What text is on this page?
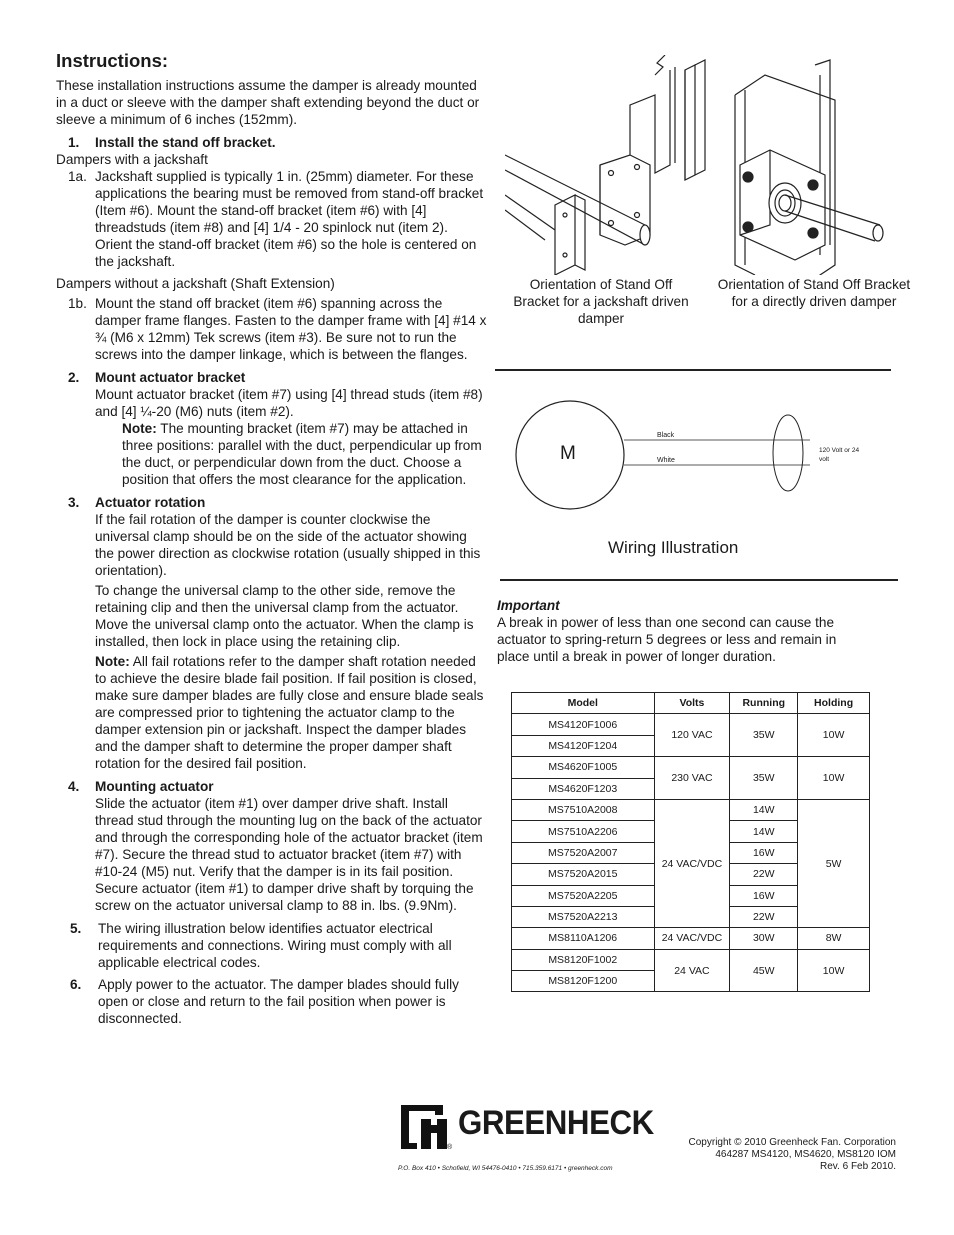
Instructions:

These installation instructions assume the damper is already mounted in a duct or sleeve with the damper shaft extending beyond the duct or sleeve a minimum of 6 inches (152mm).

1. Install the stand off bracket.

Dampers with a jackshaft

1a. Jackshaft supplied is typically 1 in. (25mm) diameter. For these applications the bearing must be removed from stand-off bracket (Item #6). Mount the stand-off bracket (item #6) with [4] threadstuds (item #8) and [4] 1/4 - 20 spinlock nut (item 2). Orient the stand-off bracket (item #6) so the hole is centered on the jackshaft.

Dampers without a jackshaft (Shaft Extension)

1b. Mount the stand off bracket (item #6) spanning across the damper frame flanges. Fasten to the damper frame with [4] #14 x ¾ (M6 x 12mm) Tek screws (item #3). Be sure not to run the screws into the damper linkage, which is between the flanges.

2. Mount actuator bracket

Mount actuator bracket (item #7) using [4] thread studs (item #8) and [4] ¼-20 (M6) nuts (item #2).

Note: The mounting bracket (item #7) may be attached in three positions: parallel with the duct, perpendicular up from the duct, or perpendicular down from the duct. Choose a position that offers the most clearance for the application.

3. Actuator rotation

If the fail rotation of the damper is counter clockwise the universal clamp should be on the side of the actuator showing the power direction as clockwise rotation (usually shipped in this orientation).

To change the universal clamp to the other side, remove the retaining clip and then the universal clamp from the actuator. Move the universal clamp onto the actuator. When the clamp is installed, then lock in place using the retaining clip.

Note: All fail rotations refer to the damper shaft rotation needed to achieve the desire blade fail position. If fail position is closed, make sure damper blades are fully close and ensure blade seals are compressed prior to tightening the actuator clamp to the damper extension pin or jackshaft. Inspect the damper blades and the damper shaft to determine the proper damper shaft rotation for the desired fail position.

4. Mounting actuator

Slide the actuator (item #1) over damper drive shaft. Install thread stud through the mounting lug on the back of the actuator and through the corresponding hole of the actuator bracket (item #7). Secure the thread stud to actuator bracket (item #7) with #10-24 (M5) nut. Verify that the damper is in its fail position. Secure actuator (item #1) to damper drive shaft by torquing the screw on the actuator universal clamp to 88 in. lbs. (9.9Nm).

5. The wiring illustration below identifies actuator electrical requirements and connections. Wiring must comply with all applicable electrical codes.

6. Apply power to the actuator. The damper blades should fully open or close and return to the fail position when power is disconnected.

Orientation of Stand Off Bracket for a jackshaft driven damper
Orientation of Stand Off Bracket for a directly driven damper
M
Black
White
120 Volt or 24 volt
Wiring Illustration
Important

A break in power of less than one second can cause the actuator to spring-return 5 degrees or less and remain in place until a break in power of longer duration.

Model	Volts	Running	Holding
MS4120F1006	120 VAC	35W	10W
MS4120F1204			
MS4620F1005	230 VAC	35W	10W
MS4620F1203			
MS7510A2008	24 VAC/VDC	14W	5W
MS7510A2206		14W	
MS7520A2007		16W	
MS7520A2015		22W	
MS7520A2205		16W	
MS7520A2213		22W	
MS8110A1206	24 VAC/VDC	30W	8W
MS8120F1002	24 VAC	45W	10W
MS8120F1200			
®
GREENHECK
P.O. Box 410 • Schofield, WI 54476-0410 • 715.359.6171 • greenheck.com
Copyright © 2010 Greenheck Fan. Corporation
464287 MS4120, MS4620, MS8120 IOM
Rev. 6 Feb 2010.
